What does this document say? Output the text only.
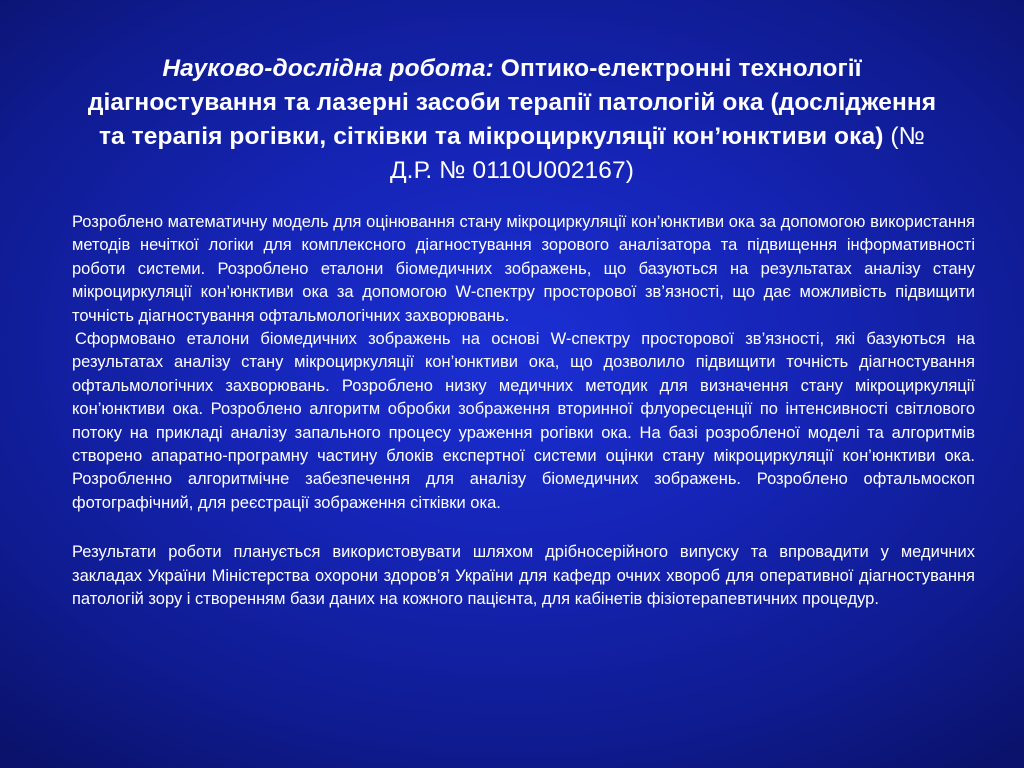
Науково-дослідна робота: Оптико-електронні технології діагностування та лазерні засоби терапії патологій ока (дослідження та терапія рогівки, сітківки та мікроциркуляції кон’юнктиви ока) (№ Д.Р. № 0110U002167)

Розроблено математичну модель для оцінювання стану мікроциркуляції кон’юнктиви ока за допомогою використання методів нечіткої логіки для комплексного діагностування зорового аналізатора та підвищення інформативності роботи системи. Розроблено еталони біомедичних зображень, що базуються на результатах аналізу стану мікроциркуляції кон’юнктиви ока за допомогою W-спектру просторової зв’язності, що дає можливість підвищити точність діагностування офтальмологічних захворювань.

Сформовано еталони біомедичних зображень на основі W-спектру просторової зв’язності, які базуються на результатах аналізу стану мікроциркуляції кон’юнктиви ока, що дозволило підвищити точність діагностування офтальмологічних захворювань. Розроблено низку медичних методик для визначення стану мікроциркуляції кон’юнктиви ока. Розроблено алгоритм обробки зображення вторинної флуоресценції по інтенсивності світлового потоку на прикладі аналізу запального процесу ураження рогівки ока. На базі розробленої моделі та алгоритмів створено апаратно-програмну частину блоків експертної системи оцінки стану мікроциркуляції кон’юнктиви ока. Розробленно алгоритмічне забезпечення для аналізу біомедичних зображень. Розроблено офтальмоскоп фотографічний, для реєстрації зображення сітківки ока.

Результати роботи планується використовувати шляхом дрібносерійного випуску та впровадити у медичних закладах України Міністерства охорони здоров’я України для кафедр очних хвороб для оперативної діагностування патологій зору і створенням бази даних на кожного пацієнта, для кабінетів фізіотерапевтичних процедур.
